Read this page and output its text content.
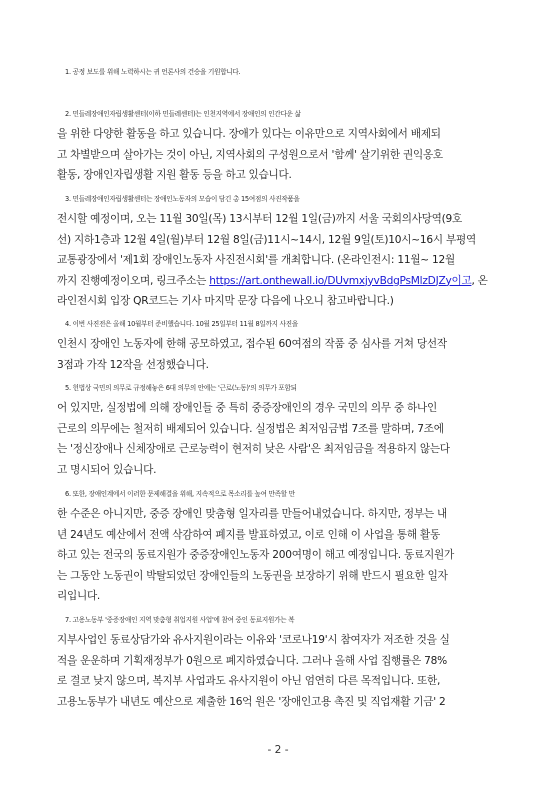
1. 공정 보도를 위해 노력하시는 귀 언론사의 건승을 기원합니다.
2. 민들레장애인자립생활센터(이하 민들레센터)는 인천지역에서 장애인의 인간다운 삶
을 위한 다양한 활동을 하고 있습니다. 장애가 있다는 이유만으로 지역사회에서 배제되
고 차별받으며 살아가는 것이 아닌, 지역사회의 구성원으로서 '함께' 살기위한 권익옹호
활동, 장애인자립생활 지원 활동 등을 하고 있습니다.
3. 민들레장애인자립생활센터는 장애인노동자의 모습이 담긴 총 15여점의 사진작품을
전시할 예정이며, 오는 11월 30일(목) 13시부터 12월 1일(금)까지 서울 국회의사당역(9호
선) 지하1층과 12월 4일(월)부터 12월 8일(금)11시~14시, 12월 9일(토)10시~16시 부평역
교통광장에서 '제1회 장애인노동자 사진전시회'를 개최합니다. (온라인전시: 11월~ 12월
까지 진행예정이오며, 링크주소는 https://art.onthewall.io/DUvmxjyvBdgPsMlzDJZy이고, 온
라인전시회 입장 QR코드는 기사 마지막 문장 다음에 나오니 참고바랍니다.)
4. 이번 사진전은 올해 10월부터 준비했습니다. 10월 25일부터 11월 8일까지 사진을
인천시 장애인 노동자에 한해 공모하였고, 접수된 60여점의 작품 중 심사를 거쳐 당선작
3점과 가작 12작을 선정했습니다.
5. 헌법상 국민의 의무로 규정해놓은 6대 의무의 안에는 '근로(노동)'의 의무가 포함되
어 있지만, 실정법에 의해 장애인들 중 특히 중증장애인의 경우 국민의 의무 중 하나인
근로의 의무에는 철저히 배제되어 있습니다. 실정법은 최저임금법 7조를 말하며, 7조에
는 '정신장애나 신체장애로 근로능력이 현저히 낮은 사람'은 최저임금을 적용하지 않는다
고 명시되어 있습니다.
6. 또한, 장애인계에서 이러한 문제해결을 위해, 지속적으로 목소리를 높여 만족할 만
한 수준은 아니지만, 중증 장애인 맞춤형 일자리를 만들어내었습니다. 하지만, 정부는 내
년 24년도 예산에서 전액 삭감하여 폐지를 발표하였고, 이로 인해 이 사업을 통해 활동
하고 있는 전국의 동료지원가 중증장애인노동자 200여명이 해고 예정입니다. 동료지원가
는 그동안 노동권이 박탈되었던 장애인들의 노동권을 보장하기 위해 반드시 필요한 일자
리입니다.
7. 고용노동부 '중증장애인 지역 맞춤형 취업지원 사업'에 참여 중인 동료지원가는 복
지부사업인 동료상담가와 유사지원이라는 이유와 '코로나19'시 참여자가 저조한 것을 실
적을 운운하며 기획재정부가 0원으로 폐지하였습니다. 그러나 올해 사업 집행률은 78%
로 결코 낮지 않으며, 복지부 사업과도 유사지원이 아닌 엄연히 다른 목적입니다. 또한,
고용노동부가 내년도 예산으로 제출한 16억 원은 '장애인고용 촉진 및 직업재활 기금' 2
- 2 -
